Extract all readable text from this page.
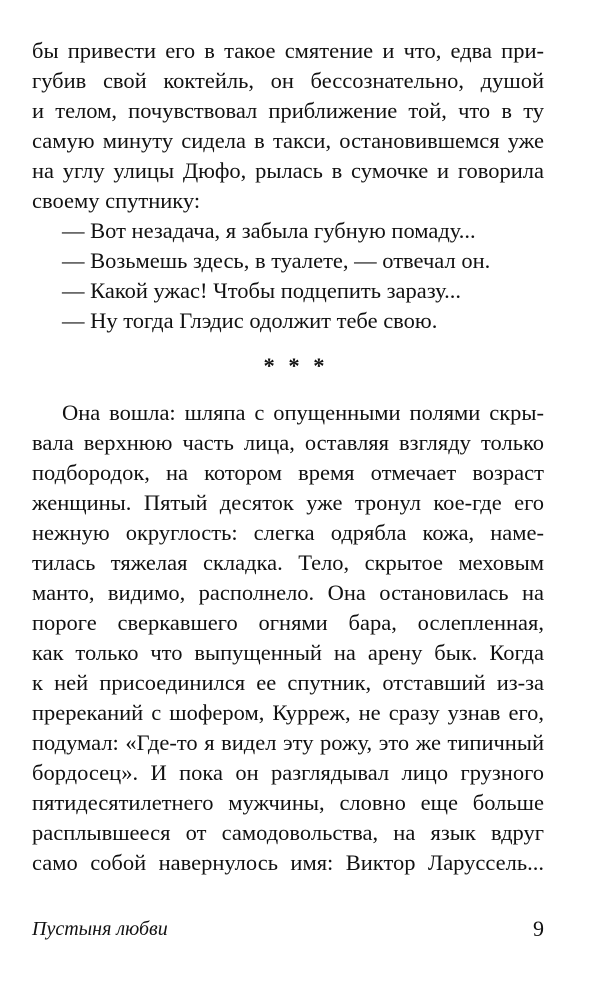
бы привести его в такое смятение и что, едва при-
губив свой коктейль, он бессознательно, душой
и телом, почувствовал приближение той, что в ту
самую минуту сидела в такси, остановившемся уже
на углу улицы Дюфо, рылась в сумочке и говорила
своему спутнику:
— Вот незадача, я забыла губную помаду...
— Возьмешь здесь, в туалете, — отвечал он.
— Какой ужас! Чтобы подцепить заразу...
— Ну тогда Глэдис одолжит тебе свою.
* * *
Она вошла: шляпа с опущенными полями скры-
вала верхнюю часть лица, оставляя взгляду только
подбородок, на котором время отмечает возраст
женщины. Пятый десяток уже тронул кое-где его
нежную округлость: слегка одрябла кожа, наме-
тилась тяжелая складка. Тело, скрытое меховым
манто, видимо, располнело. Она остановилась на
пороге сверкавшего огнями бара, ослепленная,
как только что выпущенный на арену бык. Когда
к ней присоединился ее спутник, отставший из-за
пререканий с шофером, Курреж, не сразу узнав его,
подумал: «Где-то я видел эту рожу, это же типичный
бордосец». И пока он разглядывал лицо грузного
пятидесятилетнего мужчины, словно еще больше
расплывшееся от самодовольства, на язык вдруг
само собой навернулось имя: Виктор Ларуссель...
Пустыня любви	9
